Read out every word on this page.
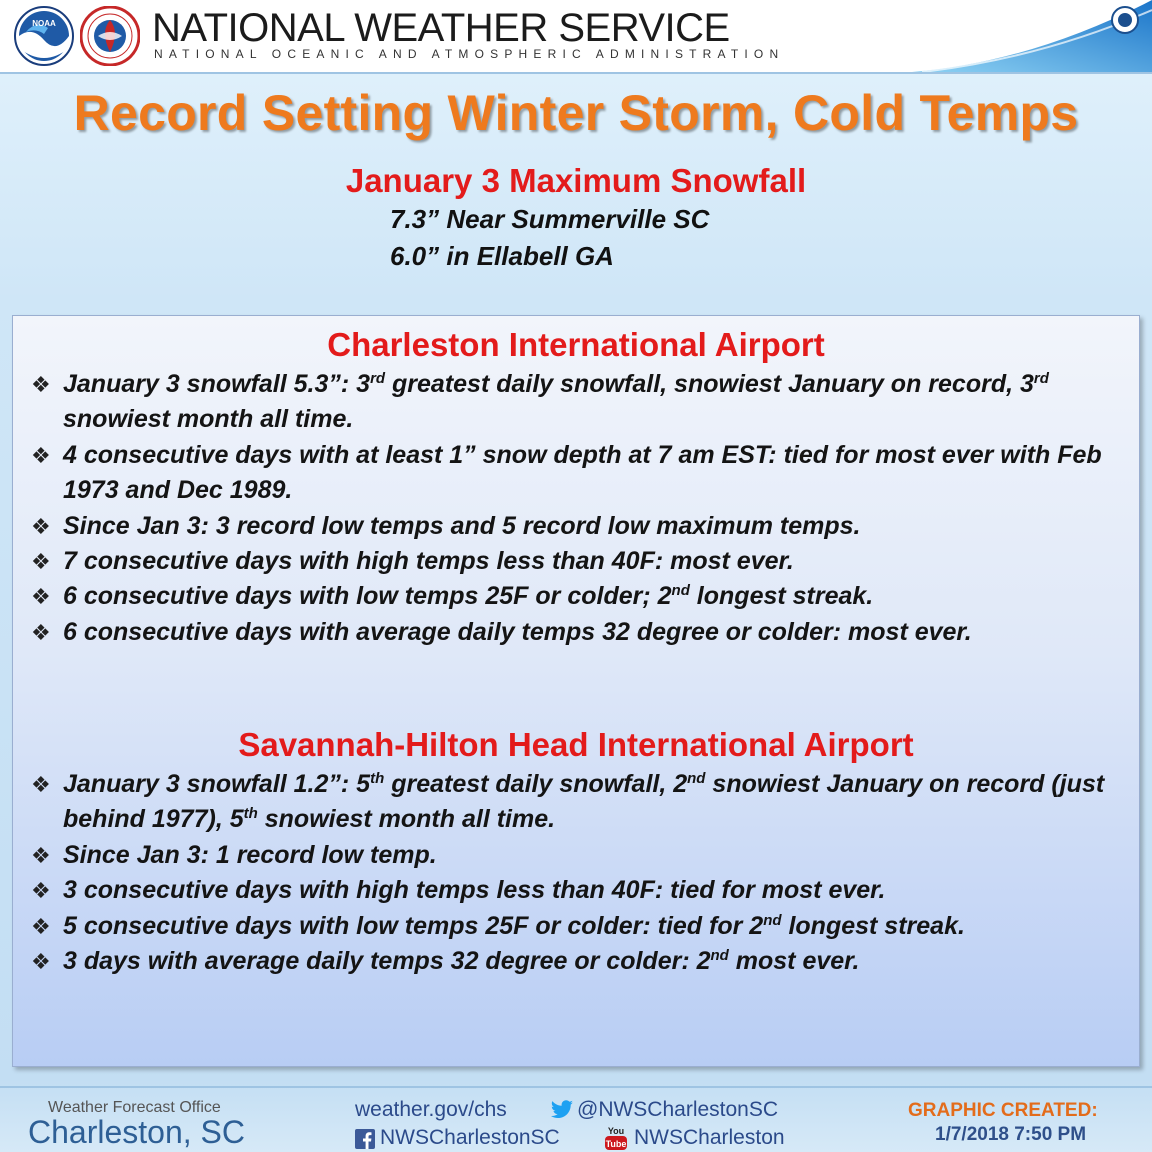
NOAA NATIONAL WEATHER SERVICE
NATIONAL OCEANIC AND ATMOSPHERIC ADMINISTRATION
Record Setting Winter Storm, Cold Temps
January 3 Maximum Snowfall
7.3” Near Summerville SC
6.0” in Ellabell GA
Charleston International Airport
❖ January 3 snowfall 5.3”: 3rd greatest daily snowfall, snowiest January on record, 3rd snowiest month all time.
❖ 4 consecutive days with at least 1” snow depth at 7 am EST: tied for most ever with Feb 1973 and Dec 1989.
❖ Since Jan 3: 3 record low temps and 5 record low maximum temps.
❖ 7 consecutive days with high temps less than 40F: most ever.
❖ 6 consecutive days with low temps 25F or colder; 2nd longest streak.
❖ 6 consecutive days with average daily temps 32 degree or colder: most ever.
Savannah-Hilton Head International Airport
❖ January 3 snowfall 1.2”: 5th greatest daily snowfall, 2nd snowiest January on record (just behind 1977), 5th snowiest month all time.
❖ Since Jan 3: 1 record low temp.
❖ 3 consecutive days with high temps less than 40F: tied for most ever.
❖ 5 consecutive days with low temps 25F or colder: tied for 2nd longest streak.
❖ 3 days with average daily temps 32 degree or colder: 2nd most ever.
Weather Forecast Office
Charleston, SC
weather.gov/chs	@NWSCharlestonSC
NWSCharlestonSC	You
Tube NWSCharleston
GRAPHIC CREATED:
1/7/2018 7:50 PM
